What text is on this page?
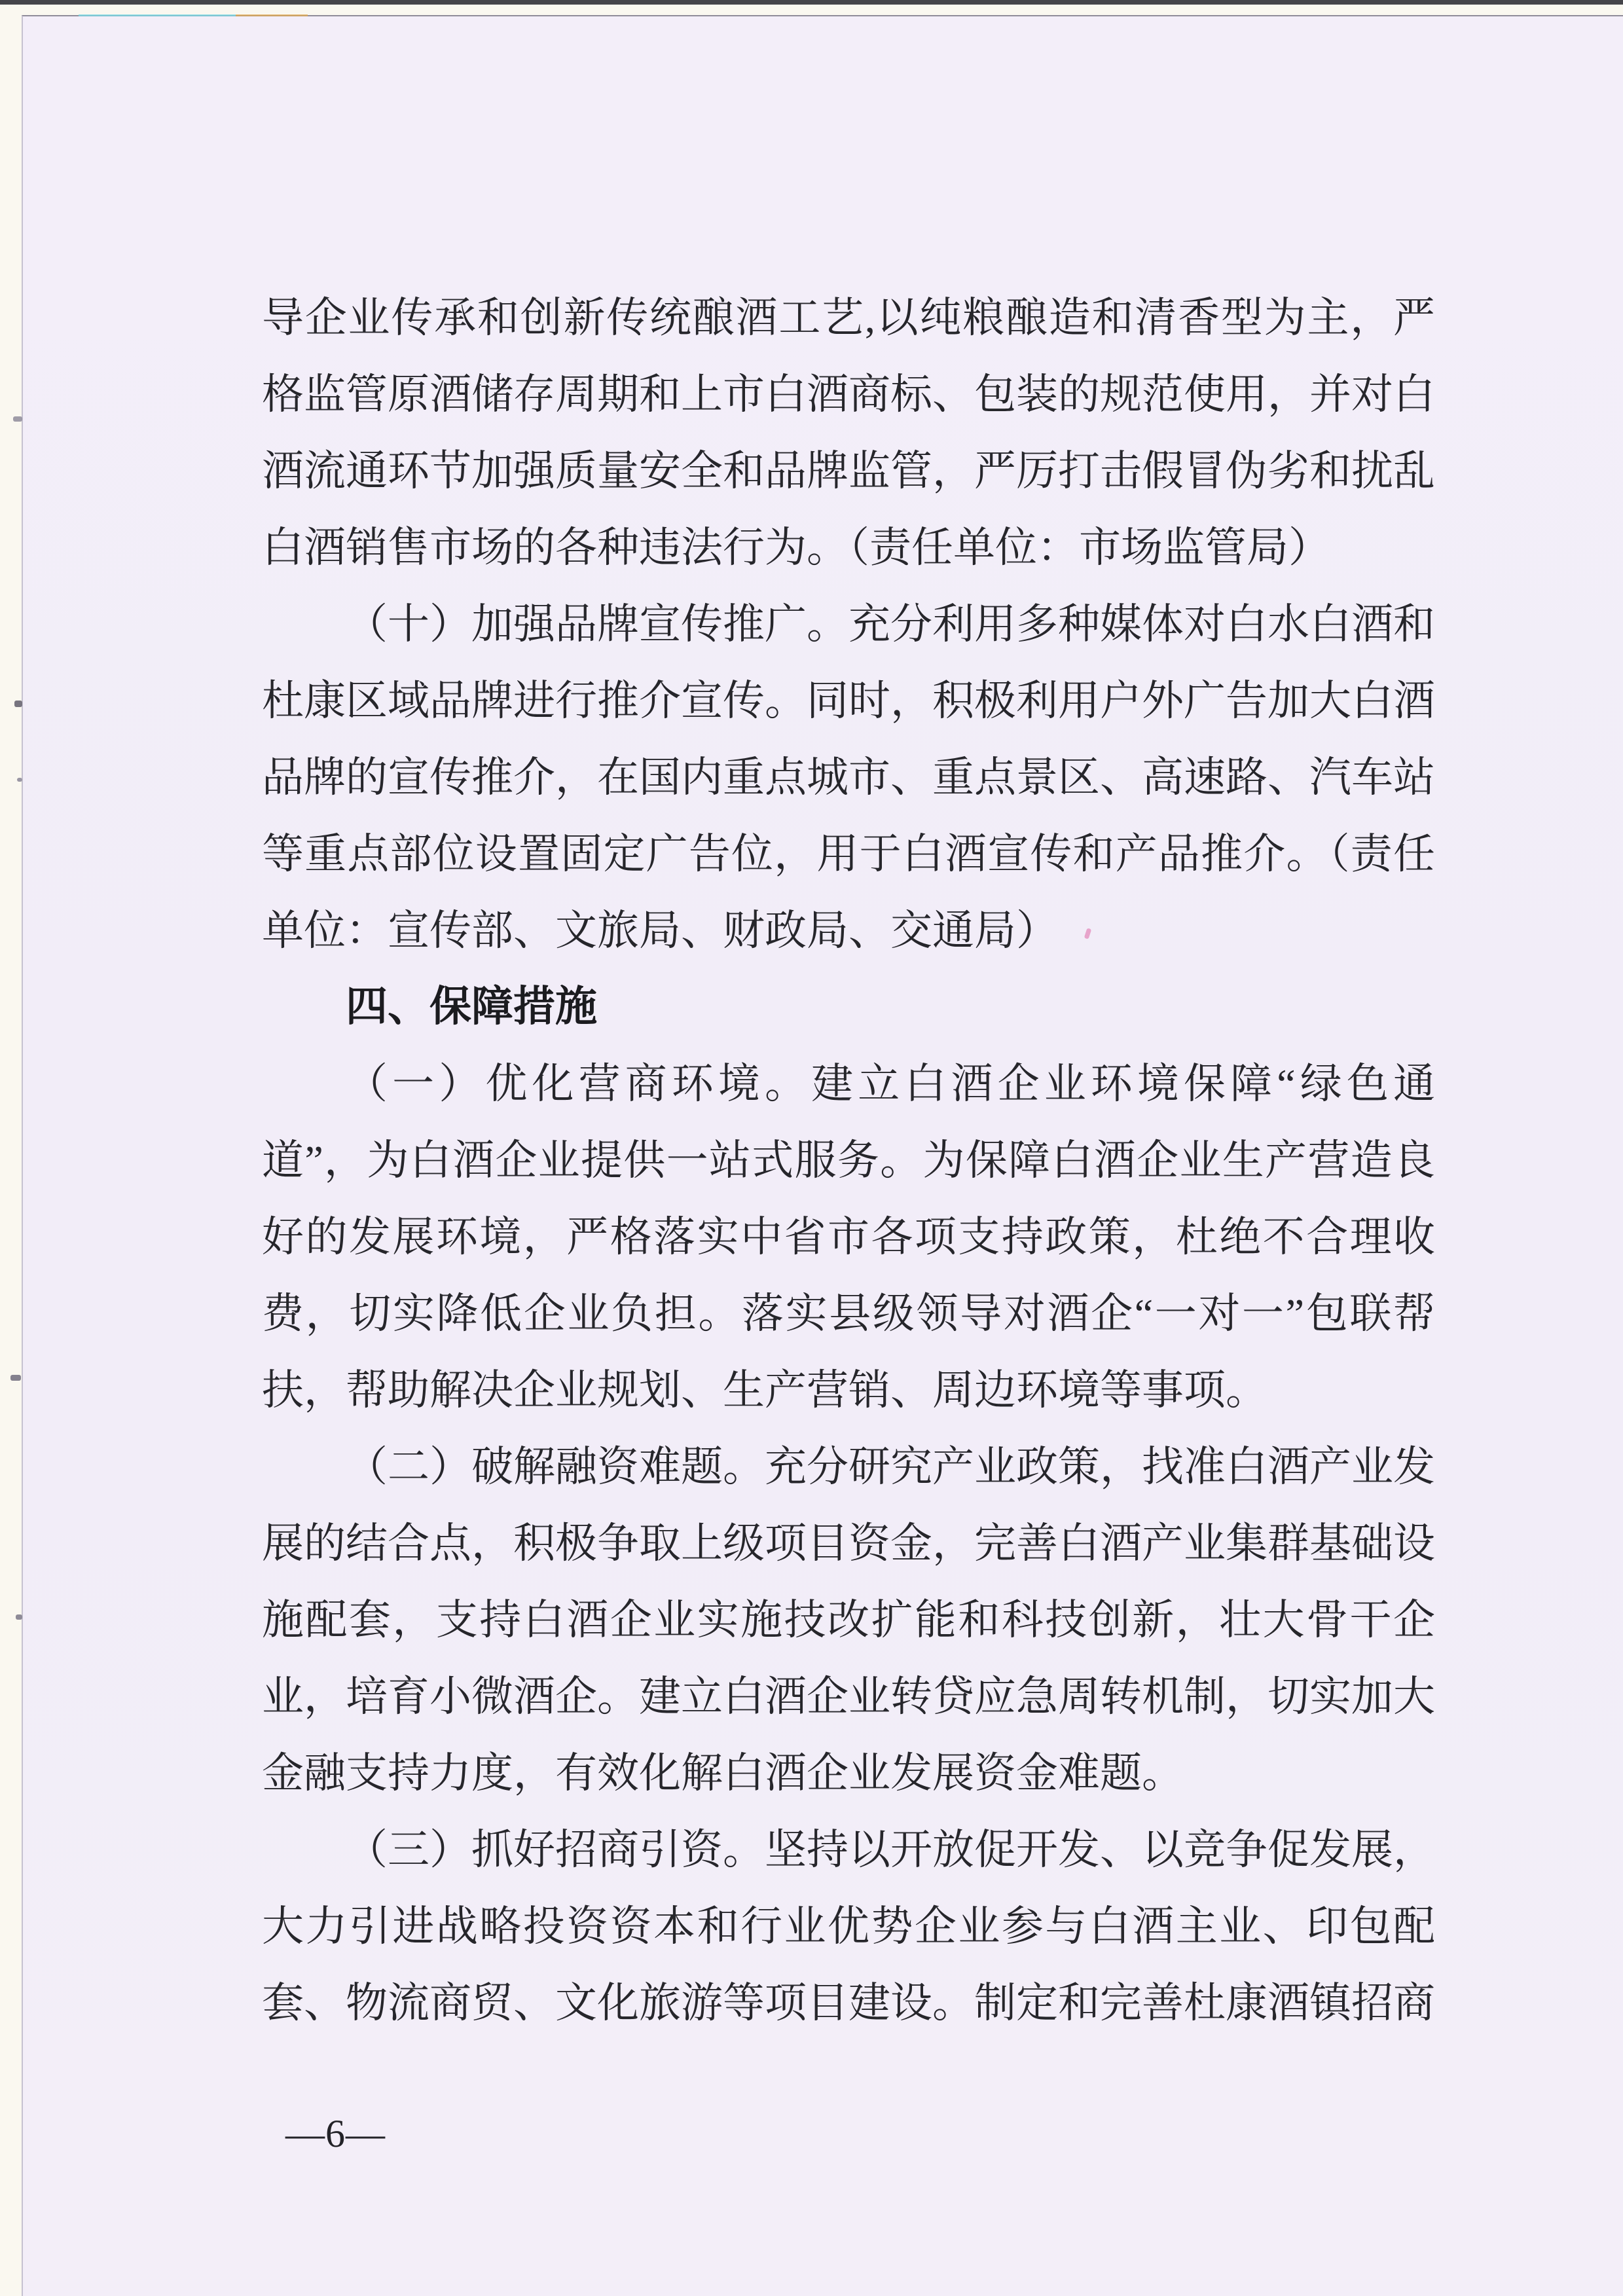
导企业传承和创新传统酿酒工艺,以纯粮酿造和清香型为主，严
格监管原酒储存周期和上市白酒商标、包装的规范使用，并对白
酒流通环节加强质量安全和品牌监管，严厉打击假冒伪劣和扰乱
白酒销售市场的各种违法行为。（责任单位：市场监管局）
（十）加强品牌宣传推广。充分利用多种媒体对白水白酒和
杜康区域品牌进行推介宣传。同时，积极利用户外广告加大白酒
品牌的宣传推介，在国内重点城市、重点景区、高速路、汽车站
等重点部位设置固定广告位，用于白酒宣传和产品推介。（责任
单位：宣传部、文旅局、财政局、交通局）
四、保障措施
（一）优化营商环境。建立白酒企业环境保障“绿色通
道”，为白酒企业提供一站式服务。为保障白酒企业生产营造良
好的发展环境，严格落实中省市各项支持政策，杜绝不合理收
费，切实降低企业负担。落实县级领导对酒企“一对一”包联帮
扶，帮助解决企业规划、生产营销、周边环境等事项。
（二）破解融资难题。充分研究产业政策，找准白酒产业发
展的结合点，积极争取上级项目资金，完善白酒产业集群基础设
施配套，支持白酒企业实施技改扩能和科技创新，壮大骨干企
业，培育小微酒企。建立白酒企业转贷应急周转机制，切实加大
金融支持力度，有效化解白酒企业发展资金难题。
（三）抓好招商引资。坚持以开放促开发、以竞争促发展，
大力引进战略投资资本和行业优势企业参与白酒主业、印包配
套、物流商贸、文化旅游等项目建设。制定和完善杜康酒镇招商
—6—
